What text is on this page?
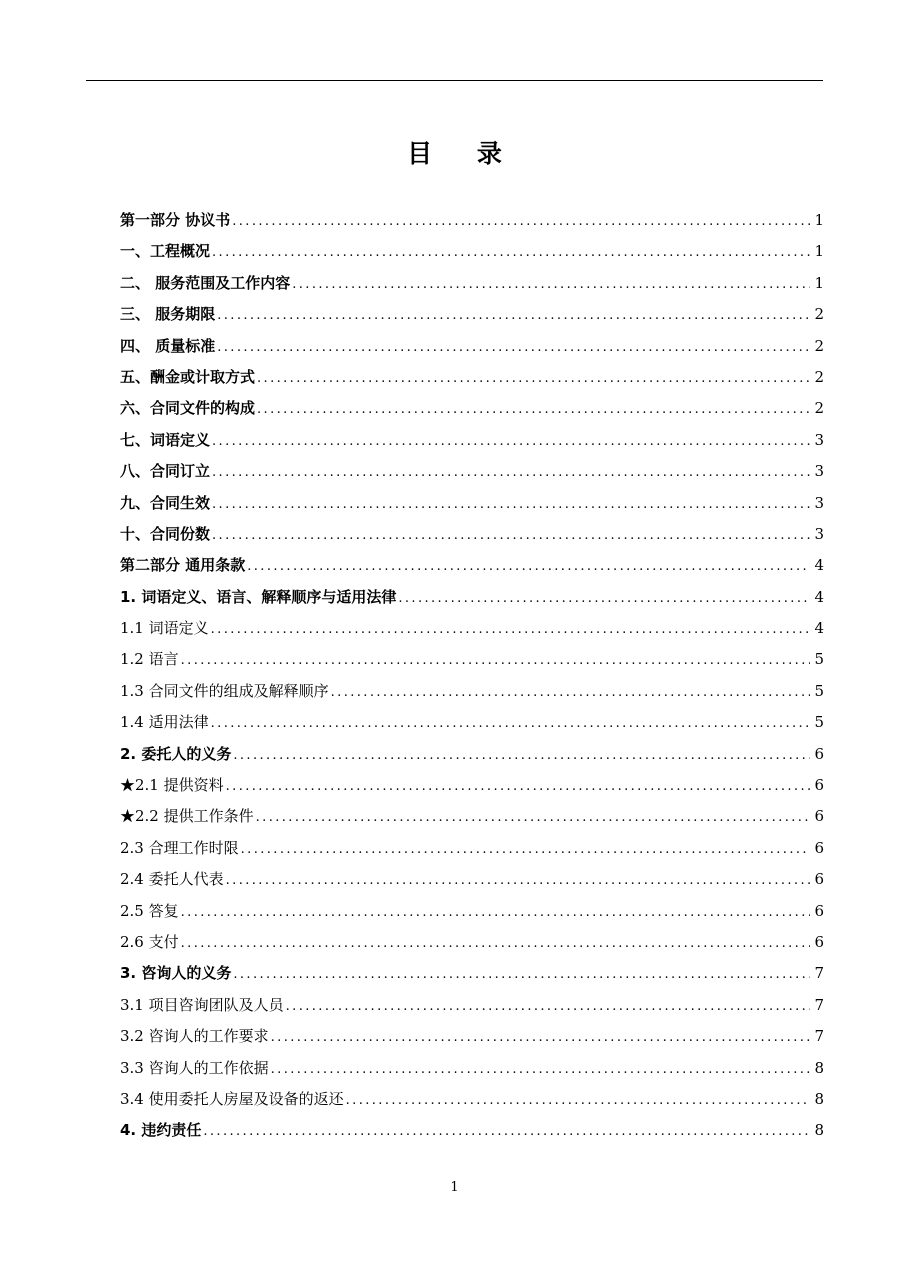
目 录
第一部分 协议书 .....	1
一、工程概况 .....	1
二、 服务范围及工作内容 .....	1
三、 服务期限 .....	2
四、 质量标准 .....	2
五、酬金或计取方式 .....	2
六、合同文件的构成 .....	2
七、词语定义 .....	3
八、合同订立 .....	3
九、合同生效 .....	3
十、合同份数 .....	3
第二部分 通用条款 .....	4
1. 词语定义、语言、解释顺序与适用法律 .....	4
1.1 词语定义 .....	4
1.2 语言 .....	5
1.3 合同文件的组成及解释顺序 .....	5
1.4 适用法律 .....	5
2. 委托人的义务 .....	6
★2.1 提供资料 .....	6
★2.2 提供工作条件 .....	6
2.3 合理工作时限 .....	6
2.4 委托人代表 .....	6
2.5 答复 .....	6
2.6 支付 .....	6
3. 咨询人的义务 .....	7
3.1 项目咨询团队及人员 .....	7
3.2 咨询人的工作要求 .....	7
3.3 咨询人的工作依据 .....	8
3.4 使用委托人房屋及设备的返还 .....	8
4. 违约责任 .....	8
1
